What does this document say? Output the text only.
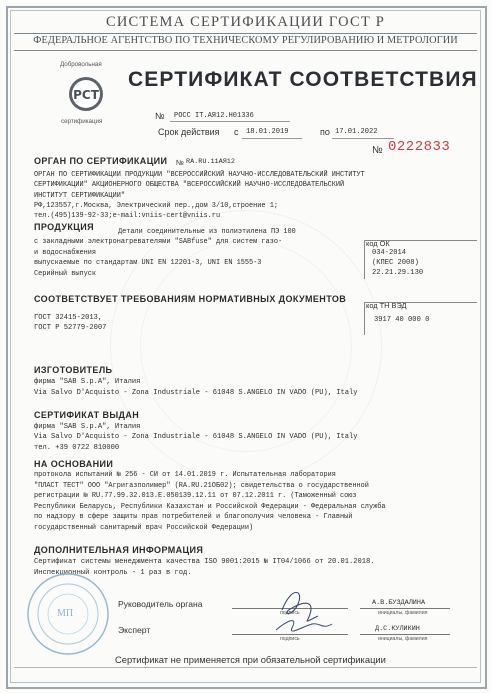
СИСТЕМА СЕРТИФИКАЦИИ ГОСТ Р
ФЕДЕРАЛЬНОЕ АГЕНТСТВО ПО ТЕХНИЧЕСКОМУ РЕГУЛИРОВАНИЮ И МЕТРОЛОГИИ
РСТ
Добровольная
сертификация
СЕРТИФИКАТ СООТВЕТСТВИЯ
№ РОСС IT.АЯ12.Н01336
Срок действия с 18.01.2019	по 17.01.2022
№ 0222833
ОРГАН ПО СЕРТИФИКАЦИИ № RA.RU.11АЯ12
ОРГАН ПО СЕРТИФИКАЦИИ ПРОДУКЦИИ "ВСЕРОССИЙСКИЙ НАУЧНО-ИССЛЕДОВАТЕЛЬСКИЙ ИНСТИТУТ
СЕРТИФИКАЦИИ" АКЦИОНЕРНОГО ОБЩЕСТВА "ВСЕРОССИЙСКИЙ НАУЧНО-ИССЛЕДОВАТЕЛЬСКИЙ
ИНСТИТУТ СЕРТИФИКАЦИИ"
РФ,123557,г.Москва, Электрический пер.,дом 3/10,строение 1;
тел.(495)139-92-33;e-mail:vniis-cert@vniis.ru
ПРОДУКЦИЯ	Детали соединительные из полиэтилена ПЭ 100
с закладными электронагревателями "SABfuse" для систем газо-
и водоснабжения
выпускаемые по стандартам UNI EN 12201-3, UNI EN 1555-3
Серийный выпуск
код ОК
034-2014
(КПЕС 2008)
22.21.29.130
СООТВЕТСТВУЕТ ТРЕБОВАНИЯМ НОРМАТИВНЫХ ДОКУМЕНТОВ
код ТН ВЭД
3917 40 000 0
ГОСТ 32415-2013,
ГОСТ Р 52779-2007
ИЗГОТОВИТЕЛЬ
фирма "SAB S.p.A", Италия
Via Salvo D'Acquisto - Zona Industriale - 61048 S.ANGELO IN VADO (PU), Italy
СЕРТИФИКАТ ВЫДАН
фирма "SAB S.p.A", Италия
Via Salvo D'Acquisto - Zona Industriale - 61048 S.ANGELO IN VADO (PU), Italy
тел. +39 0722 810000
НА ОСНОВАНИИ
протокола испытаний № 256 - СИ от 14.01.2019 г. Испытательная лаборатория
"ПЛАСТ ТЕСТ" ООО "Агригазполимер" (RA.RU.21ОБ02); свидетельства о государственной
регистрации № RU.77.99.32.013.Е.050139.12.11 от 07.12.2011 г. (Таможенный союз
Республики Беларусь, Республики Казахстан и Российской Федерации - Федеральная служба
по надзору в сфере защиты прав потребителей и благополучия человека - Главный
государственный санитарный врач Российской Федерации)
ДОПОЛНИТЕЛЬНАЯ ИНФОРМАЦИЯ
Сертификат системы менеджмента качества ISO 9001:2015 № IT04/1066 от 20.01.2018.
Инспекционный контроль - 1 раз в год.
МП
Руководитель органа
подпись
А.В.БУЗДАЛИНА
инициалы, фамилия
Эксперт
подпись
Д.С.КУЛИКИН
инициалы, фамилия
Сертификат не применяется при обязательной сертификации
